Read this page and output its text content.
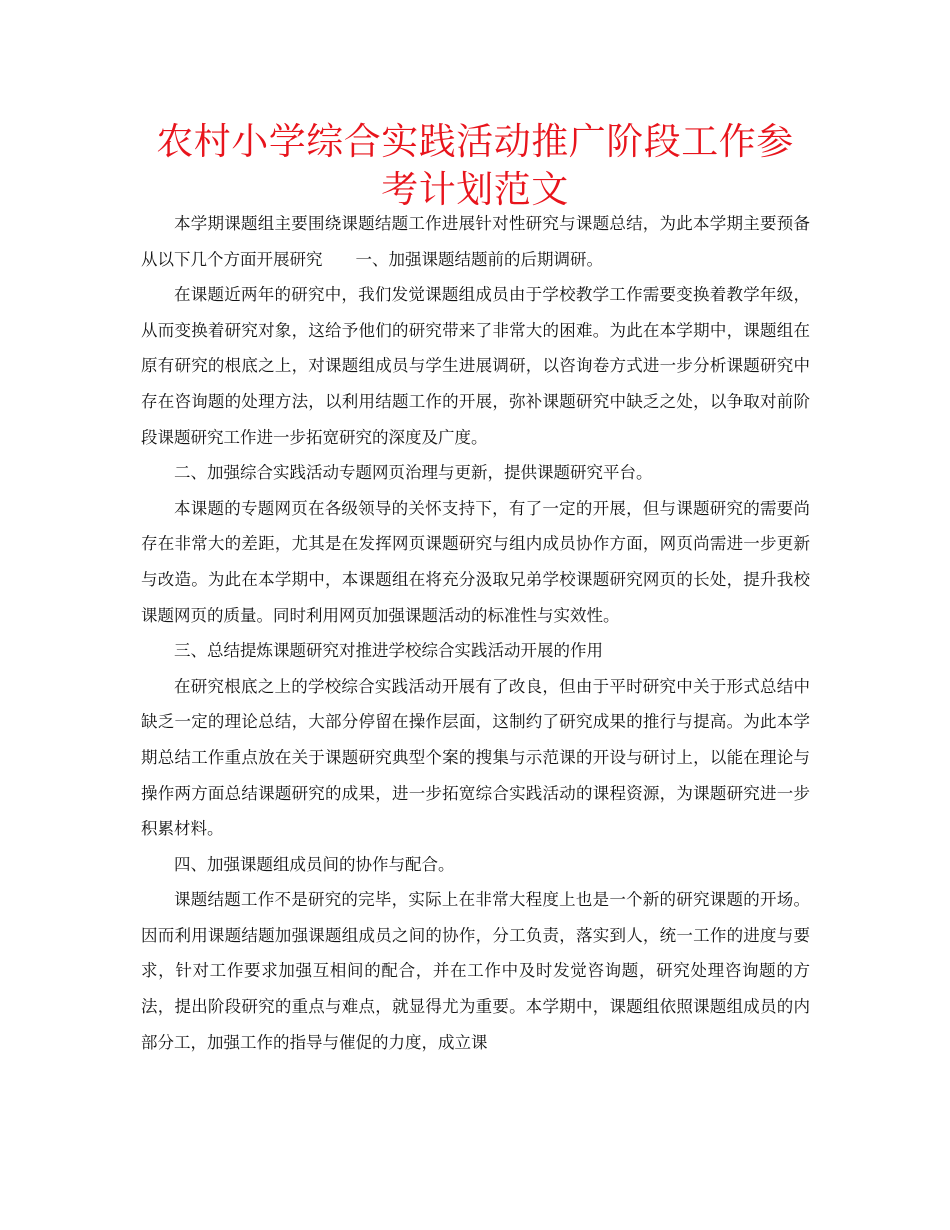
农村小学综合实践活动推广阶段工作参考计划范文

本学期课题组主要围绕课题结题工作进展针对性研究与课题总结，为此本学期主要预备从以下几个方面开展研究　　一、加强课题结题前的后期调研。

在课题近两年的研究中，我们发觉课题组成员由于学校教学工作需要变换着教学年级，从而变换着研究对象，这给予他们的研究带来了非常大的困难。为此在本学期中，课题组在原有研究的根底之上，对课题组成员与学生进展调研，以咨询卷方式进一步分析课题研究中存在咨询题的处理方法，以利用结题工作的开展，弥补课题研究中缺乏之处，以争取对前阶段课题研究工作进一步拓宽研究的深度及广度。

二、加强综合实践活动专题网页治理与更新，提供课题研究平台。

本课题的专题网页在各级领导的关怀支持下，有了一定的开展，但与课题研究的需要尚存在非常大的差距，尤其是在发挥网页课题研究与组内成员协作方面，网页尚需进一步更新与改造。为此在本学期中，本课题组在将充分汲取兄弟学校课题研究网页的长处，提升我校课题网页的质量。同时利用网页加强课题活动的标准性与实效性。

三、总结提炼课题研究对推进学校综合实践活动开展的作用

在研究根底之上的学校综合实践活动开展有了改良，但由于平时研究中关于形式总结中缺乏一定的理论总结，大部分停留在操作层面，这制约了研究成果的推行与提高。为此本学期总结工作重点放在关于课题研究典型个案的搜集与示范课的开设与研讨上，以能在理论与操作两方面总结课题研究的成果，进一步拓宽综合实践活动的课程资源，为课题研究进一步积累材料。

四、加强课题组成员间的协作与配合。

课题结题工作不是研究的完毕，实际上在非常大程度上也是一个新的研究课题的开场。因而利用课题结题加强课题组成员之间的协作，分工负责，落实到人，统一工作的进度与要求，针对工作要求加强互相间的配合，并在工作中及时发觉咨询题，研究处理咨询题的方法，提出阶段研究的重点与难点，就显得尤为重要。本学期中，课题组依照课题组成员的内部分工，加强工作的指导与催促的力度，成立课
